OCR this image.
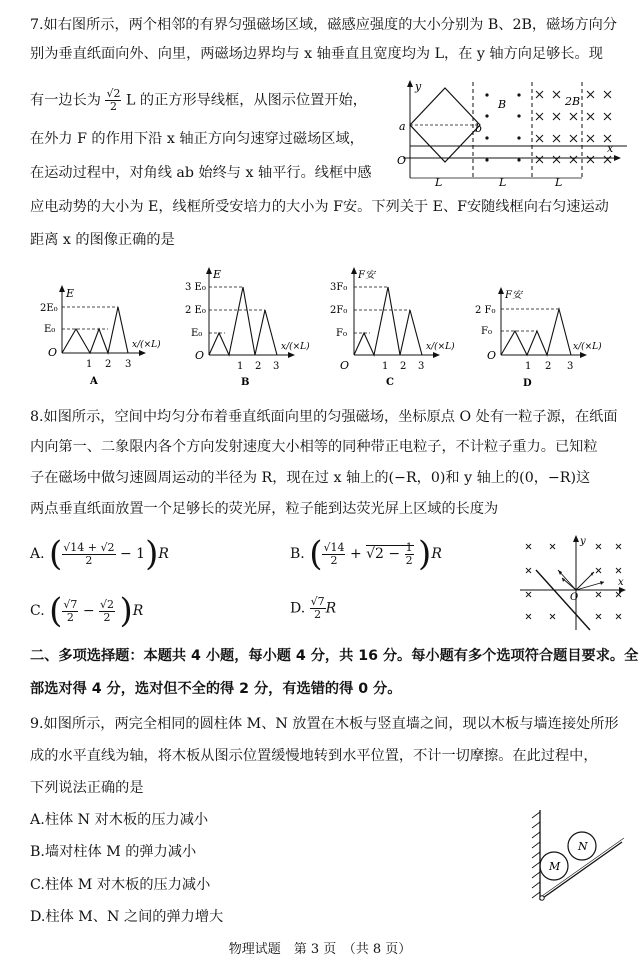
7.如右图所示，两个相邻的有界匀强磁场区域，磁感应强度的大小分别为 B、2B，磁场方向分
别为垂直纸面向外、向里，两磁场边界均与 x 轴垂直且宽度均为 L，在 y 轴方向足够长。现
有一边长为 $\frac{√2}{2}$ L 的正方形导线框，从图示位置开始，
在外力 F 的作用下沿 x 轴正方向匀速穿过磁场区域，
在运动过程中，对角线 ab 始终与 x 轴平行。线框中感
应电动势的大小为 E，线框所受安培力的大小为 F安。下列关于 E、F安随线框向右匀速运动
距离 x 的图像正确的是
y
x
O
a	b
B	2B
L	L	L
E
2E₀
E₀
O
1 2 3
x/(×L)
A
E
3 E₀
2 E₀
E₀
O
1 2 3
x/(×L)
B
F安
3F₀
2F₀
F₀
O	1 2 3
x/(×L)
C
F安
2 F₀
F₀
O
1 2 3
x/(×L)
D
8.如图所示，空间中均匀分布着垂直纸面向里的匀强磁场，坐标原点 O 处有一粒子源，在纸面
内向第一、二象限内各个方向发射速度大小相等的同种带正电粒子，不计粒子重力。已知粒
子在磁场中做匀速圆周运动的半径为 R，现在过 x 轴上的(−R，0)和 y 轴上的(0，−R)这
两点垂直纸面放置一个足够长的荧光屏，粒子能到达荧光屏上区域的长度为
A. ( $\frac{√14 + √2}{2} - 1)R$	B. ( $\frac{√14}{2} + √2 - \frac{1}{2} )R$
C. ( $\frac{√7}{2} - \frac{√2}{2} )R$	D. $\frac{√7}{2}$ R
y
x
O
二、多项选择题：本题共 4 小题，每小题 4 分，共 16 分。每小题有多个选项符合题目要求。全
部选对得 4 分，选对但不全的得 2 分，有选错的得 0 分。
9.如图所示，两完全相同的圆柱体 M、N 放置在木板与竖直墙之间，现以木板与墙连接处所形
成的水平直线为轴，将木板从图示位置缓慢地转到水平位置，不计一切摩擦。在此过程中，
下列说法正确的是
A.柱体 N 对木板的压力减小
B.墙对柱体 M 的弹力减小
C.柱体 M 对木板的压力减小
D.柱体 M、N 之间的弹力增大
M
N
物理试题　第 3 页　（共 8 页）
